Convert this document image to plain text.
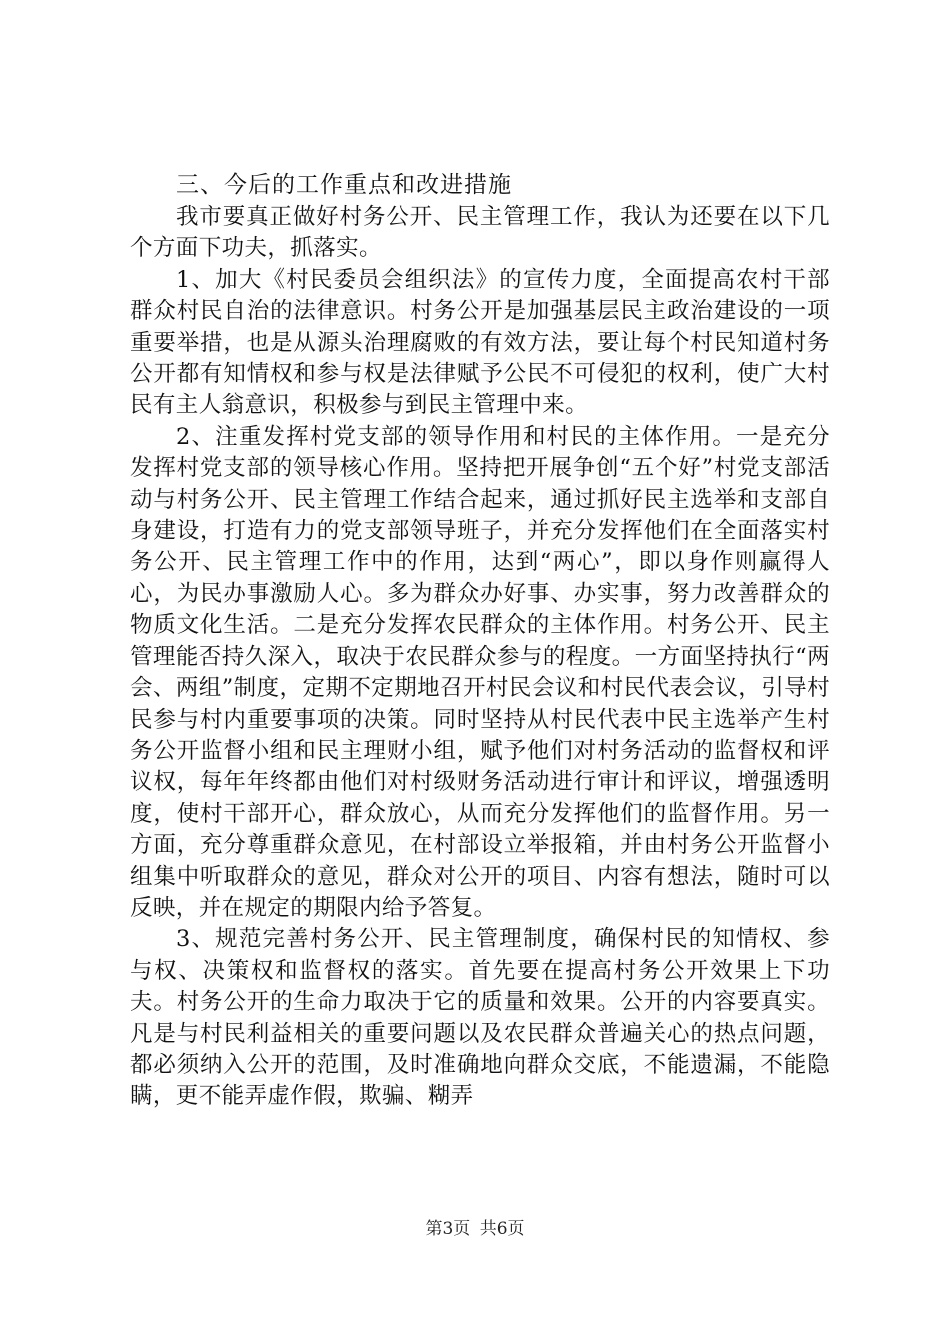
三、今后的工作重点和改进措施

我市要真正做好村务公开、民主管理工作，我认为还要在以下几个方面下功夫，抓落实。

1、加大《村民委员会组织法》的宣传力度，全面提高农村干部群众村民自治的法律意识。村务公开是加强基层民主政治建设的一项重要举措，也是从源头治理腐败的有效方法，要让每个村民知道村务公开都有知情权和参与权是法律赋予公民不可侵犯的权利，使广大村民有主人翁意识，积极参与到民主管理中来。

2、注重发挥村党支部的领导作用和村民的主体作用。一是充分发挥村党支部的领导核心作用。坚持把开展争创“五个好”村党支部活动与村务公开、民主管理工作结合起来，通过抓好民主选举和支部自身建设，打造有力的党支部领导班子，并充分发挥他们在全面落实村务公开、民主管理工作中的作用，达到“两心”，即以身作则赢得人心，为民办事激励人心。多为群众办好事、办实事，努力改善群众的物质文化生活。二是充分发挥农民群众的主体作用。村务公开、民主管理能否持久深入，取决于农民群众参与的程度。一方面坚持执行“两会、两组”制度，定期不定期地召开村民会议和村民代表会议，引导村民参与村内重要事项的决策。同时坚持从村民代表中民主选举产生村务公开监督小组和民主理财小组，赋予他们对村务活动的监督权和评议权，每年年终都由他们对村级财务活动进行审计和评议，增强透明度，使村干部开心，群众放心，从而充分发挥他们的监督作用。另一方面，充分尊重群众意见，在村部设立举报箱，并由村务公开监督小组集中听取群众的意见，群众对公开的项目、内容有想法，随时可以反映，并在规定的期限内给予答复。

3、规范完善村务公开、民主管理制度，确保村民的知情权、参与权、决策权和监督权的落实。首先要在提高村务公开效果上下功夫。村务公开的生命力取决于它的质量和效果。公开的内容要真实。凡是与村民利益相关的重要问题以及农民群众普遍关心的热点问题，都必须纳入公开的范围，及时准确地向群众交底，不能遗漏，不能隐瞒，更不能弄虚作假，欺骗、糊弄

第3页 共6页
